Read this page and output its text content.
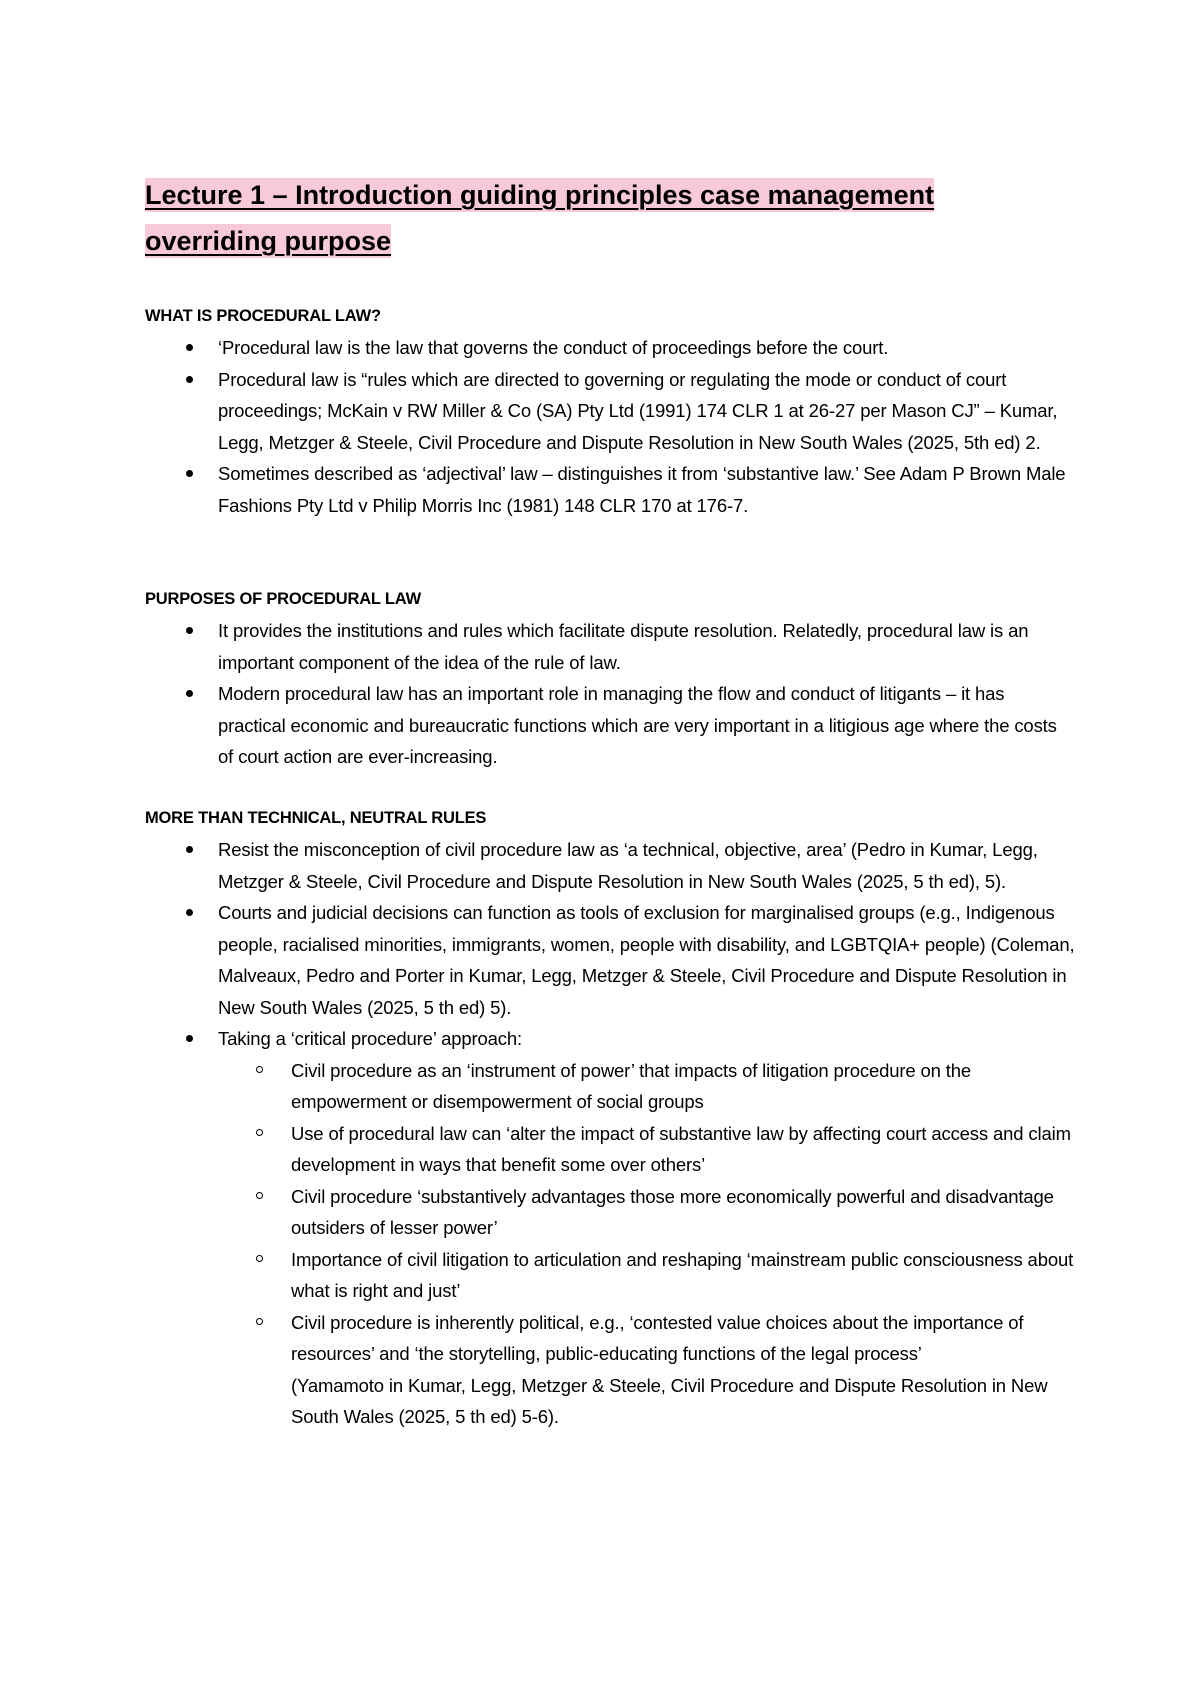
Lecture 1 – Introduction guiding principles case management overriding purpose
WHAT IS PROCEDURAL LAW?
‘Procedural law is the law that governs the conduct of proceedings before the court.
Procedural law is “rules which are directed to governing or regulating the mode or conduct of court proceedings; McKain v RW Miller & Co (SA) Pty Ltd (1991) 174 CLR 1 at 26-27 per Mason CJ” – Kumar, Legg, Metzger & Steele, Civil Procedure and Dispute Resolution in New South Wales (2025, 5th ed) 2.
Sometimes described as ‘adjectival’ law – distinguishes it from ‘substantive law.’ See Adam P Brown Male Fashions Pty Ltd v Philip Morris Inc (1981) 148 CLR 170 at 176-7.
PURPOSES OF PROCEDURAL LAW
It provides the institutions and rules which facilitate dispute resolution. Relatedly, procedural law is an important component of the idea of the rule of law.
Modern procedural law has an important role in managing the flow and conduct of litigants – it has practical economic and bureaucratic functions which are very important in a litigious age where the costs of court action are ever-increasing.
MORE THAN TECHNICAL, NEUTRAL RULES
Resist the misconception of civil procedure law as ‘a technical, objective, area’ (Pedro in Kumar, Legg, Metzger & Steele, Civil Procedure and Dispute Resolution in New South Wales (2025, 5 th ed), 5).
Courts and judicial decisions can function as tools of exclusion for marginalised groups (e.g., Indigenous people, racialised minorities, immigrants, women, people with disability, and LGBTQIA+ people) (Coleman, Malveaux, Pedro and Porter in Kumar, Legg, Metzger & Steele, Civil Procedure and Dispute Resolution in New South Wales (2025, 5 th ed) 5).
Taking a ‘critical procedure’ approach:
Civil procedure as an ‘instrument of power’ that impacts of litigation procedure on the empowerment or disempowerment of social groups
Use of procedural law can ‘alter the impact of substantive law by affecting court access and claim development in ways that benefit some over others’
Civil procedure ‘substantively advantages those more economically powerful and disadvantage outsiders of lesser power’
Importance of civil litigation to articulation and reshaping ‘mainstream public consciousness about what is right and just’
Civil procedure is inherently political, e.g., ‘contested value choices about the importance of resources’ and ‘the storytelling, public-educating functions of the legal process’
(Yamamoto in Kumar, Legg, Metzger & Steele, Civil Procedure and Dispute Resolution in New South Wales (2025, 5 th ed) 5-6).
